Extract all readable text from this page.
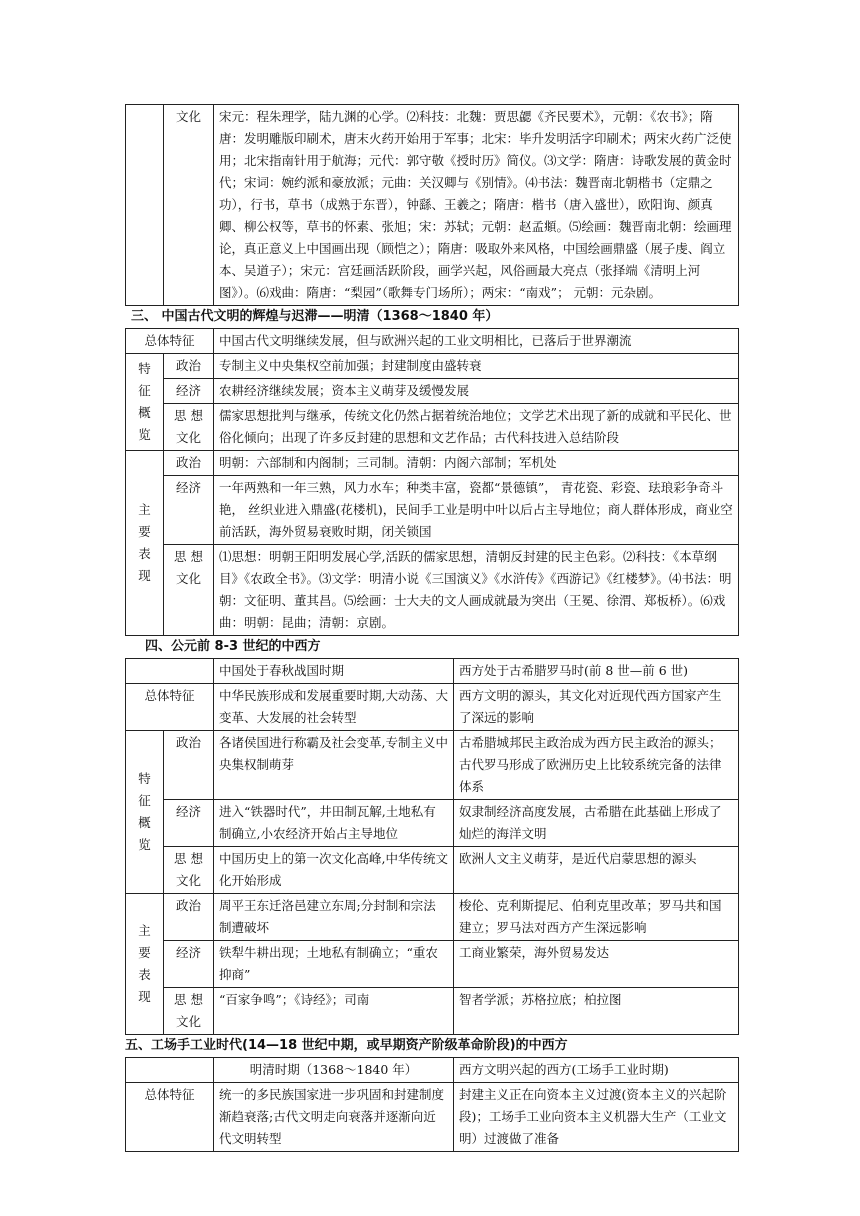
	文化	宋元：程朱理学，陆九渊的心学。⑵科技：北魏：贾思勰《齐民要术》，元朝：《农书》；隋唐：发明雕版印刷术，唐末火药开始用于军事；北宋：毕升发明活字印刷术；两宋火药广泛使用；北宋指南针用于航海；元代：郭守敬《授时历》简仪。⑶文学：隋唐：诗歌发展的黄金时代；宋词：婉约派和豪放派；元曲：关汉卿与《别情》。⑷书法：魏晋南北朝楷书（定鼎之功），行书，草书（成熟于东晋），钟繇、王羲之；隋唐：楷书（唐入盛世），欧阳询、颜真卿、柳公权等，草书的怀素、张旭；宋：苏轼；元朝：赵孟頫。⑸绘画：魏晋南北朝：绘画理论，真正意义上中国画出现（顾恺之）；隋唐：吸取外来风格，中国绘画鼎盛（展子虔、阎立本、吴道子）；宋元：宫廷画活跃阶段，画学兴起，风俗画最大亮点（张择端《清明上河图》）。⑹戏曲：隋唐：“梨园”（歌舞专门场所）；两宋：“南戏”； 元朝：元杂剧。
三、 中国古代文明的辉煌与迟滞——明清（1368～1840 年）
总体特征		中国古代文明继续发展，但与欧洲兴起的工业文明相比，已落后于世界潮流

特征概览	政治	专制主义中央集权空前加强；封建制度由盛转衰
	经济	农耕经济继续发展；资本主义萌芽及缓慢发展
	思 想文化	儒家思想批判与继承，传统文化仍然占据着统治地位；文学艺术出现了新的成就和平民化、世俗化倾向；出现了许多反封建的思想和文艺作品；古代科技进入总结阶段

主要表现	政治	明朝：六部制和内阁制；三司制。清朝：内阁六部制；军机处
	经济	一年两熟和一年三熟，风力水车；种类丰富，瓷都“景德镇”， 青花瓷、彩瓷、珐琅彩争奇斗艳， 丝织业进入鼎盛(花楼机)，民间手工业是明中叶以后占主导地位；商人群体形成，商业空前活跃，海外贸易衰败时期，闭关锁国
	思 想文化	⑴思想：明朝王阳明发展心学,活跃的儒家思想，清朝反封建的民主色彩。⑵科技：《本草纲目》《农政全书》。⑶文学：明清小说《三国演义》《水浒传》《西游记》《红楼梦》。⑷书法：明朝：文征明、董其昌。⑸绘画：士大夫的文人画成就最为突出（王冕、徐渭、郑板桥）。⑹戏曲：明朝：昆曲；清朝：京剧。
四、公元前 8-3 世纪的中西方
		中国处于春秋战国时期	西方处于古希腊罗马时(前 8 世—前 6 世)
总体特征		中华民族形成和发展重要时期,大动荡、大变革、大发展的社会转型	西方文明的源头，其文化对近现代西方国家产生了深远的影响

特征概览	政治	各诸侯国进行称霸及社会变革,专制主义中央集权制萌芽	古希腊城邦民主政治成为西方民主政治的源头；古代罗马形成了欧洲历史上比较系统完备的法律体系
	经济	进入“铁器时代”，井田制瓦解,土地私有制确立,小农经济开始占主导地位	奴隶制经济高度发展，古希腊在此基础上形成了灿烂的海洋文明
	思 想文化	中国历史上的第一次文化高峰,中华传统文化开始形成	欧洲人文主义萌芽，是近代启蒙思想的源头

主要表现	政治	周平王东迁洛邑建立东周;分封制和宗法制遭破坏	梭伦、克利斯提尼、伯利克里改革；罗马共和国建立；罗马法对西方产生深远影响
	经济	铁犁牛耕出现；土地私有制确立；“重农抑商”	工商业繁荣，海外贸易发达
	思 想文化	“百家争鸣”；《诗经》；司南	智者学派；苏格拉底；柏拉图
五、工场手工业时代(14—18 世纪中期，或早期资产阶级革命阶段)的中西方
	明清时期（1368～1840 年）	西方文明兴起的西方(工场手工业时期)
总体特征	统一的多民族国家进一步巩固和封建制度渐趋衰落;古代文明走向衰落并逐渐向近代文明转型	封建主义正在向资本主义过渡(资本主义的兴起阶段)；工场手工业向资本主义机器大生产（工业文明）过渡做了准备
